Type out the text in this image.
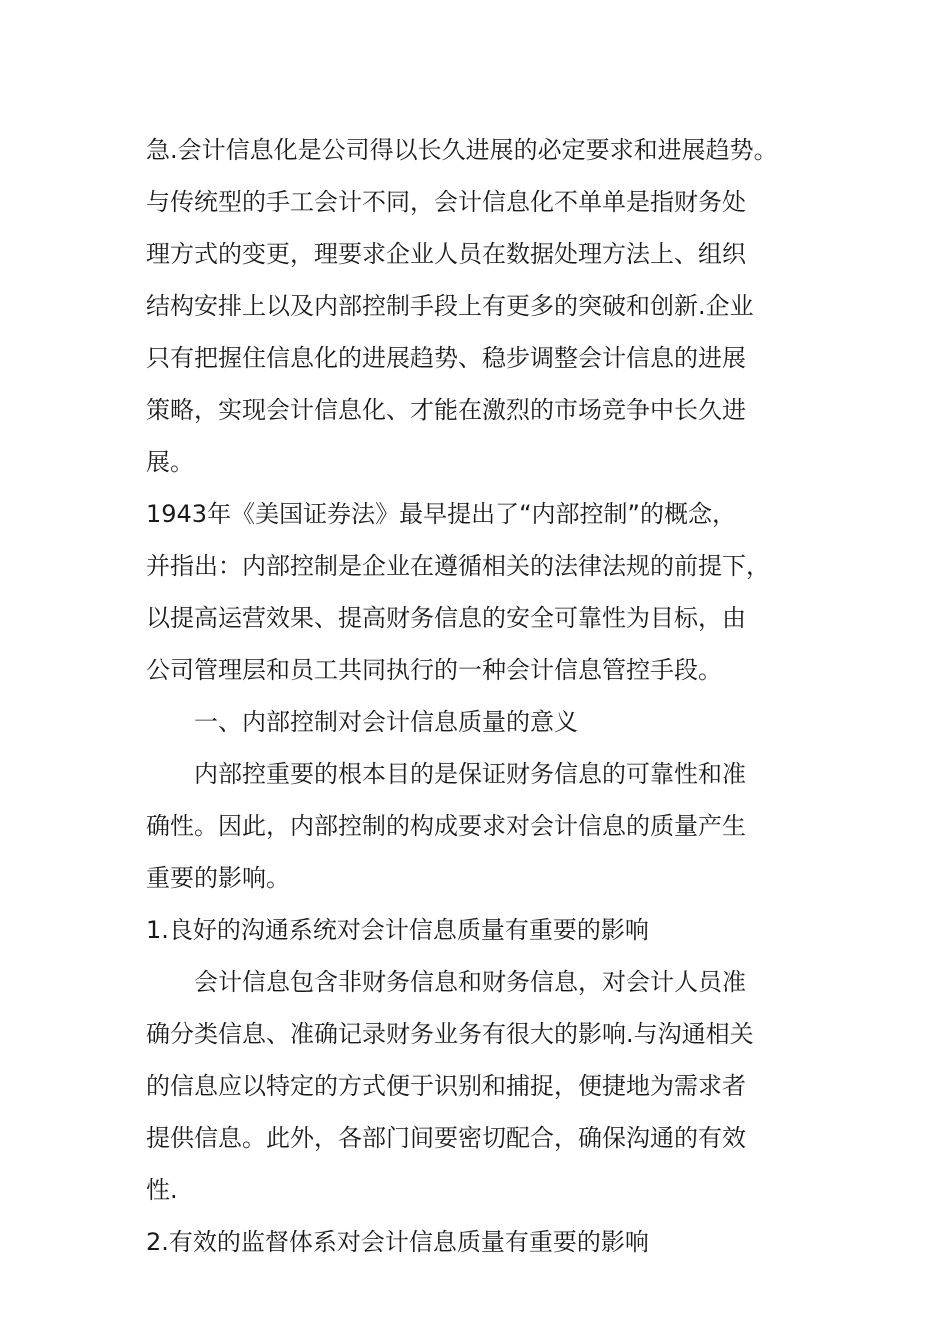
急.会计信息化是公司得以长久进展的必定要求和进展趋势。
与传统型的手工会计不同，会计信息化不单单是指财务处
理方式的变更，理要求企业人员在数据处理方法上、组织
结构安排上以及内部控制手段上有更多的突破和创新.企业
只有把握住信息化的进展趋势、稳步调整会计信息的进展
策略，实现会计信息化、才能在激烈的市场竞争中长久进
展。
1943年《美国证券法》最早提出了“内部控制”的概念，
并指出：内部控制是企业在遵循相关的法律法规的前提下，
以提高运营效果、提高财务信息的安全可靠性为目标，由
公司管理层和员工共同执行的一种会计信息管控手段。
一、内部控制对会计信息质量的意义
内部控重要的根本目的是保证财务信息的可靠性和准
确性。因此，内部控制的构成要求对会计信息的质量产生
重要的影响。
1.良好的沟通系统对会计信息质量有重要的影响
会计信息包含非财务信息和财务信息，对会计人员准
确分类信息、准确记录财务业务有很大的影响.与沟通相关
的信息应以特定的方式便于识别和捕捉，便捷地为需求者
提供信息。此外，各部门间要密切配合，确保沟通的有效
性.
2.有效的监督体系对会计信息质量有重要的影响
